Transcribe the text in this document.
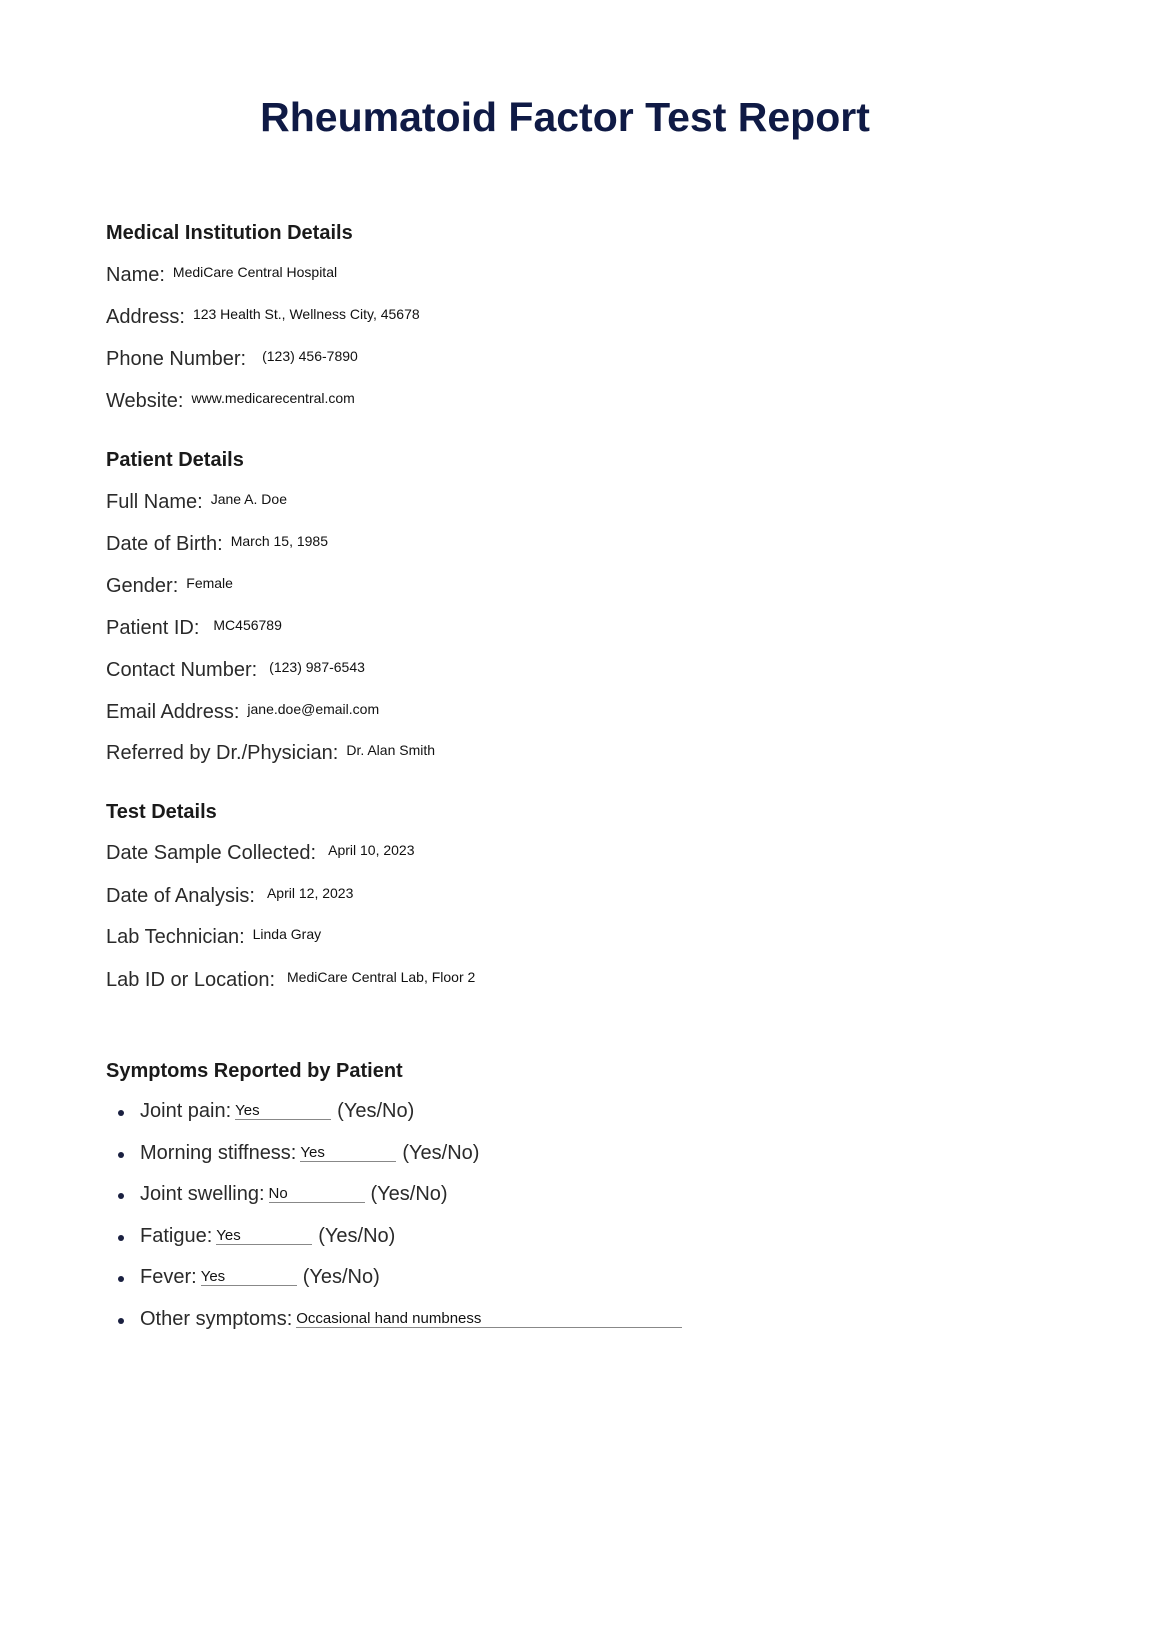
Rheumatoid Factor Test Report
Medical Institution Details
Name: $^{MediCare Central Hospital}$
Address: $^{123 Health St., Wellness City, 45678}$
Phone Number: $^{(123) 456-7890}$
Website: $^{www.medicarecentral.com}$
Patient Details
Full Name: $^{Jane A. Doe}$
Date of Birth: $^{March 15, 1985}$
Gender: $^{Female}$
Patient ID: $^{MC456789}$
Contact Number: $^{(123) 987-6543}$
Email Address: $^{jane.doe@email.com}$
Referred by Dr./Physician: $^{Dr. Alan Smith}$
Test Details
Date Sample Collected: $^{April 10, 2023}$
Date of Analysis: $^{April 12, 2023}$
Lab Technician: $^{Linda Gray}$
Lab ID or Location: $^{MediCare Central Lab, Floor 2}$
Symptoms Reported by Patient
Joint pain: Yes	(Yes/No)
Morning stiffness: Yes	(Yes/No)
Joint swelling: No	(Yes/No)
Fatigue: Yes	(Yes/No)
Fever: Yes	(Yes/No)
Other symptoms: Occasional hand numbness
